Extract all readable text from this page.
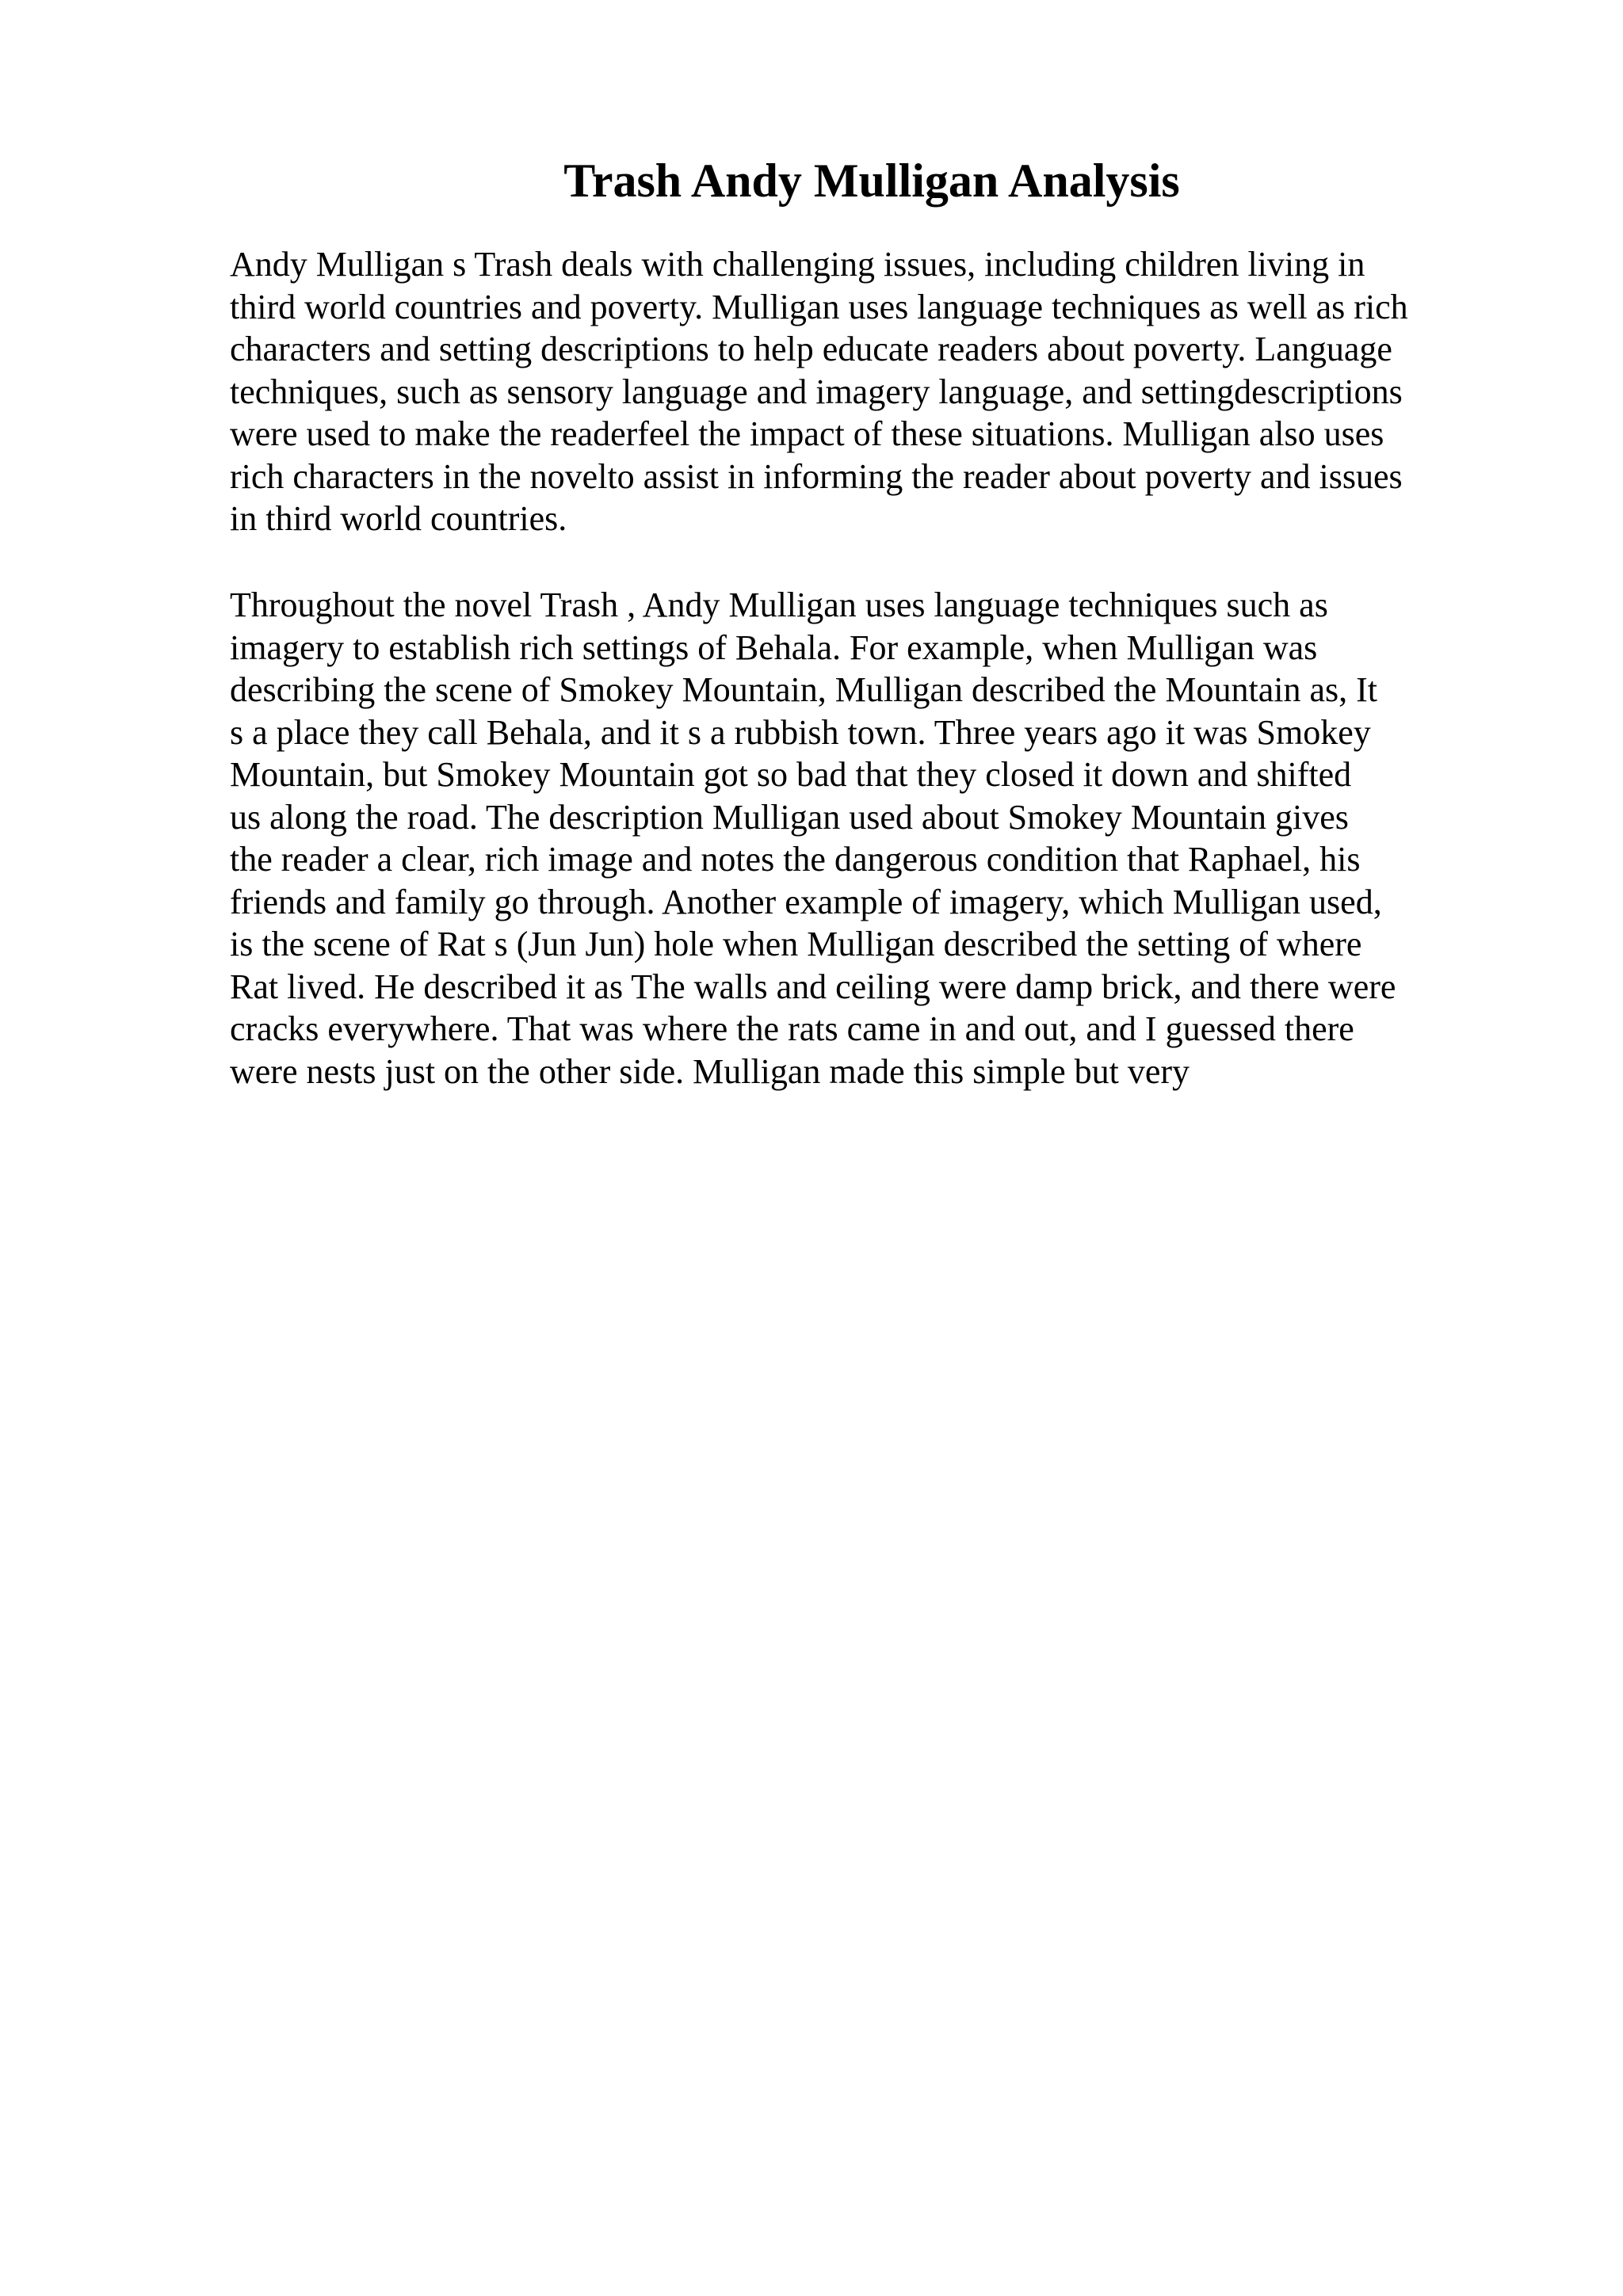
Trash Andy Mulligan Analysis

Andy Mulligan s Trash deals with challenging issues, including children living in
third world countries and poverty. Mulligan uses language techniques as well as rich
characters and setting descriptions to help educate readers about poverty. Language
techniques, such as sensory language and imagery language, and settingdescriptions
were used to make the readerfeel the impact of these situations. Mulligan also uses
rich characters in the novelto assist in informing the reader about poverty and issues
in third world countries.

Throughout the novel Trash , Andy Mulligan uses language techniques such as
imagery to establish rich settings of Behala. For example, when Mulligan was
describing the scene of Smokey Mountain, Mulligan described the Mountain as, It
s a place they call Behala, and it s a rubbish town. Three years ago it was Smokey
Mountain, but Smokey Mountain got so bad that they closed it down and shifted
us along the road. The description Mulligan used about Smokey Mountain gives
the reader a clear, rich image and notes the dangerous condition that Raphael, his
friends and family go through. Another example of imagery, which Mulligan used,
is the scene of Rat s (Jun Jun) hole when Mulligan described the setting of where
Rat lived. He described it as The walls and ceiling were damp brick, and there were
cracks everywhere. That was where the rats came in and out, and I guessed there
were nests just on the other side. Mulligan made this simple but very
